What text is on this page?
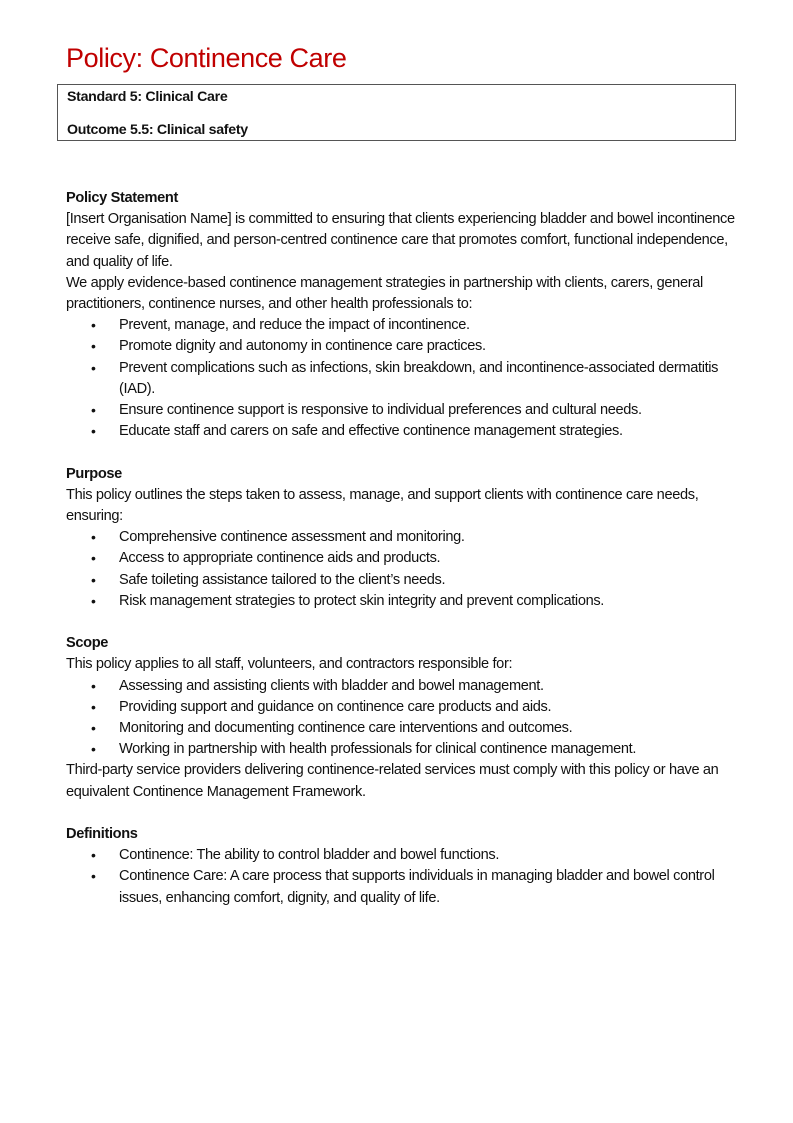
Policy: Continence Care
Standard 5: Clinical Care
Outcome 5.5: Clinical safety

Policy Statement

[Insert Organisation Name] is committed to ensuring that clients experiencing bladder and bowel incontinence receive safe, dignified, and person-centred continence care that promotes comfort, functional independence, and quality of life.

We apply evidence-based continence management strategies in partnership with clients, carers, general practitioners, continence nurses, and other health professionals to:

• Prevent, manage, and reduce the impact of incontinence.
• Promote dignity and autonomy in continence care practices.
• Prevent complications such as infections, skin breakdown, and incontinence-associated dermatitis (IAD).
• Ensure continence support is responsive to individual preferences and cultural needs.
• Educate staff and carers on safe and effective continence management strategies.

Purpose

This policy outlines the steps taken to assess, manage, and support clients with continence care needs, ensuring:

• Comprehensive continence assessment and monitoring.
• Access to appropriate continence aids and products.
• Safe toileting assistance tailored to the client’s needs.
• Risk management strategies to protect skin integrity and prevent complications.

Scope

This policy applies to all staff, volunteers, and contractors responsible for:

• Assessing and assisting clients with bladder and bowel management.
• Providing support and guidance on continence care products and aids.
• Monitoring and documenting continence care interventions and outcomes.
• Working in partnership with health professionals for clinical continence management.

Third-party service providers delivering continence-related services must comply with this policy or have an equivalent Continence Management Framework.

Definitions

• Continence: The ability to control bladder and bowel functions.
• Continence Care: A care process that supports individuals in managing bladder and bowel control issues, enhancing comfort, dignity, and quality of life.
